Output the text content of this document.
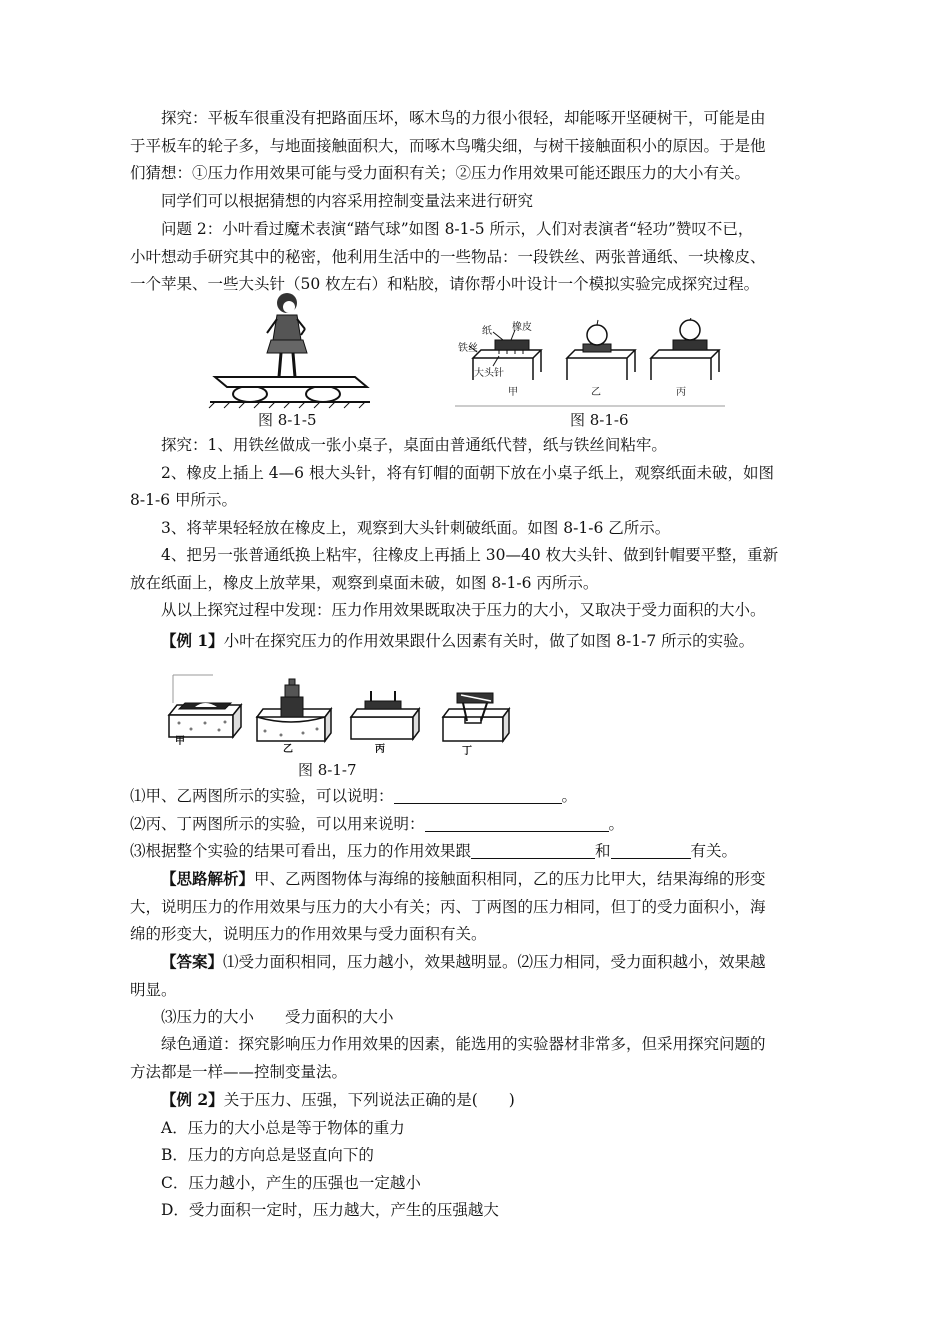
探究：平板车很重没有把路面压坏，啄木鸟的力很小很轻，却能啄开坚硬树干，可能是由
于平板车的轮子多，与地面接触面积大，而啄木鸟嘴尖细，与树干接触面积小的原因。于是他
们猜想：①压力作用效果可能与受力面积有关；②压力作用效果可能还跟压力的大小有关。
同学们可以根据猜想的内容采用控制变量法来进行研究
问题 2：小叶看过魔术表演“踏气球”如图 8-1-5 所示，人们对表演者“轻功”赞叹不已，
小叶想动手研究其中的秘密，他利用生活中的一些物品：一段铁丝、两张普通纸、一块橡皮、
一个苹果、一些大头针（50 枚左右）和粘胶，请你帮小叶设计一个模拟实验完成探究过程。
图 8-1-5
纸 橡皮
铁丝
大头针
甲	乙	丙
图 8-1-6
探究：1、用铁丝做成一张小桌子，桌面由普通纸代替，纸与铁丝间粘牢。
2、橡皮上插上 4—6 根大头针，将有钉帽的面朝下放在小桌子纸上，观察纸面未破，如图
8-1-6 甲所示。
3、将苹果轻轻放在橡皮上，观察到大头针刺破纸面。如图 8-1-6 乙所示。
4、把另一张普通纸换上粘牢，往橡皮上再插上 30—40 枚大头针、做到针帽要平整，重新
放在纸面上，橡皮上放苹果，观察到桌面未破，如图 8-1-6 丙所示。
从以上探究过程中发现：压力作用效果既取决于压力的大小，又取决于受力面积的大小。
【例 1】小叶在探究压力的作用效果跟什么因素有关时，做了如图 8-1-7 所示的实验。
甲
乙	丙	丁
图 8-1-7
⑴甲、乙两图所示的实验，可以说明：	。
⑵丙、丁两图所示的实验，可以用来说明：	。
⑶根据整个实验的结果可看出，压力的作用效果跟	和	有关。
【思路解析】甲、乙两图物体与海绵的接触面积相同，乙的压力比甲大，结果海绵的形变
大，说明压力的作用效果与压力的大小有关；丙、丁两图的压力相同，但丁的受力面积小，海
绵的形变大，说明压力的作用效果与受力面积有关。
【答案】⑴受力面积相同，压力越小，效果越明显。⑵压力相同，受力面积越小，效果越
明显。
⑶压力的大小　　受力面积的大小
绿色通道：探究影响压力作用效果的因素，能选用的实验器材非常多，但采用探究问题的
方法都是一样——控制变量法。
【例 2】关于压力、压强，下列说法正确的是(　　)
A．压力的大小总是等于物体的重力
B．压力的方向总是竖直向下的
C．压力越小，产生的压强也一定越小
D．受力面积一定时，压力越大，产生的压强越大
